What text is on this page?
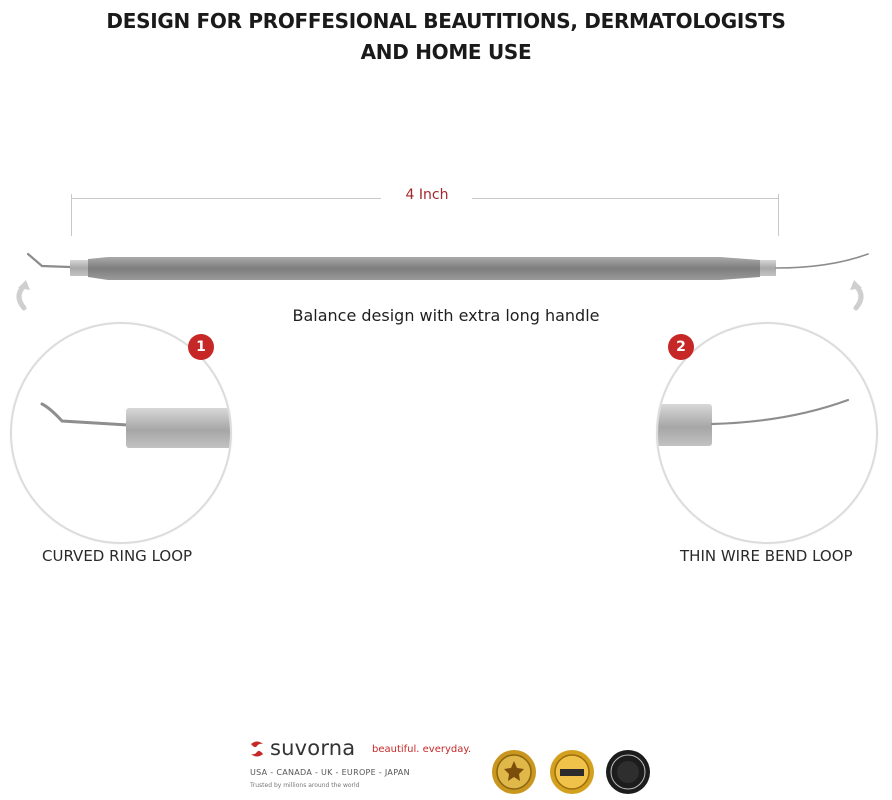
DESIGN FOR PROFFESIONAL BEAUTITIONS, DERMATOLOGISTS
AND HOME USE
4 Inch
Balance design with extra long handle
1
CURVED RING LOOP
2
THIN WIRE BEND LOOP
suvorna beautiful. everyday.
USA - CANADA - UK - EUROPE - JAPAN
Trusted by millions around the world
